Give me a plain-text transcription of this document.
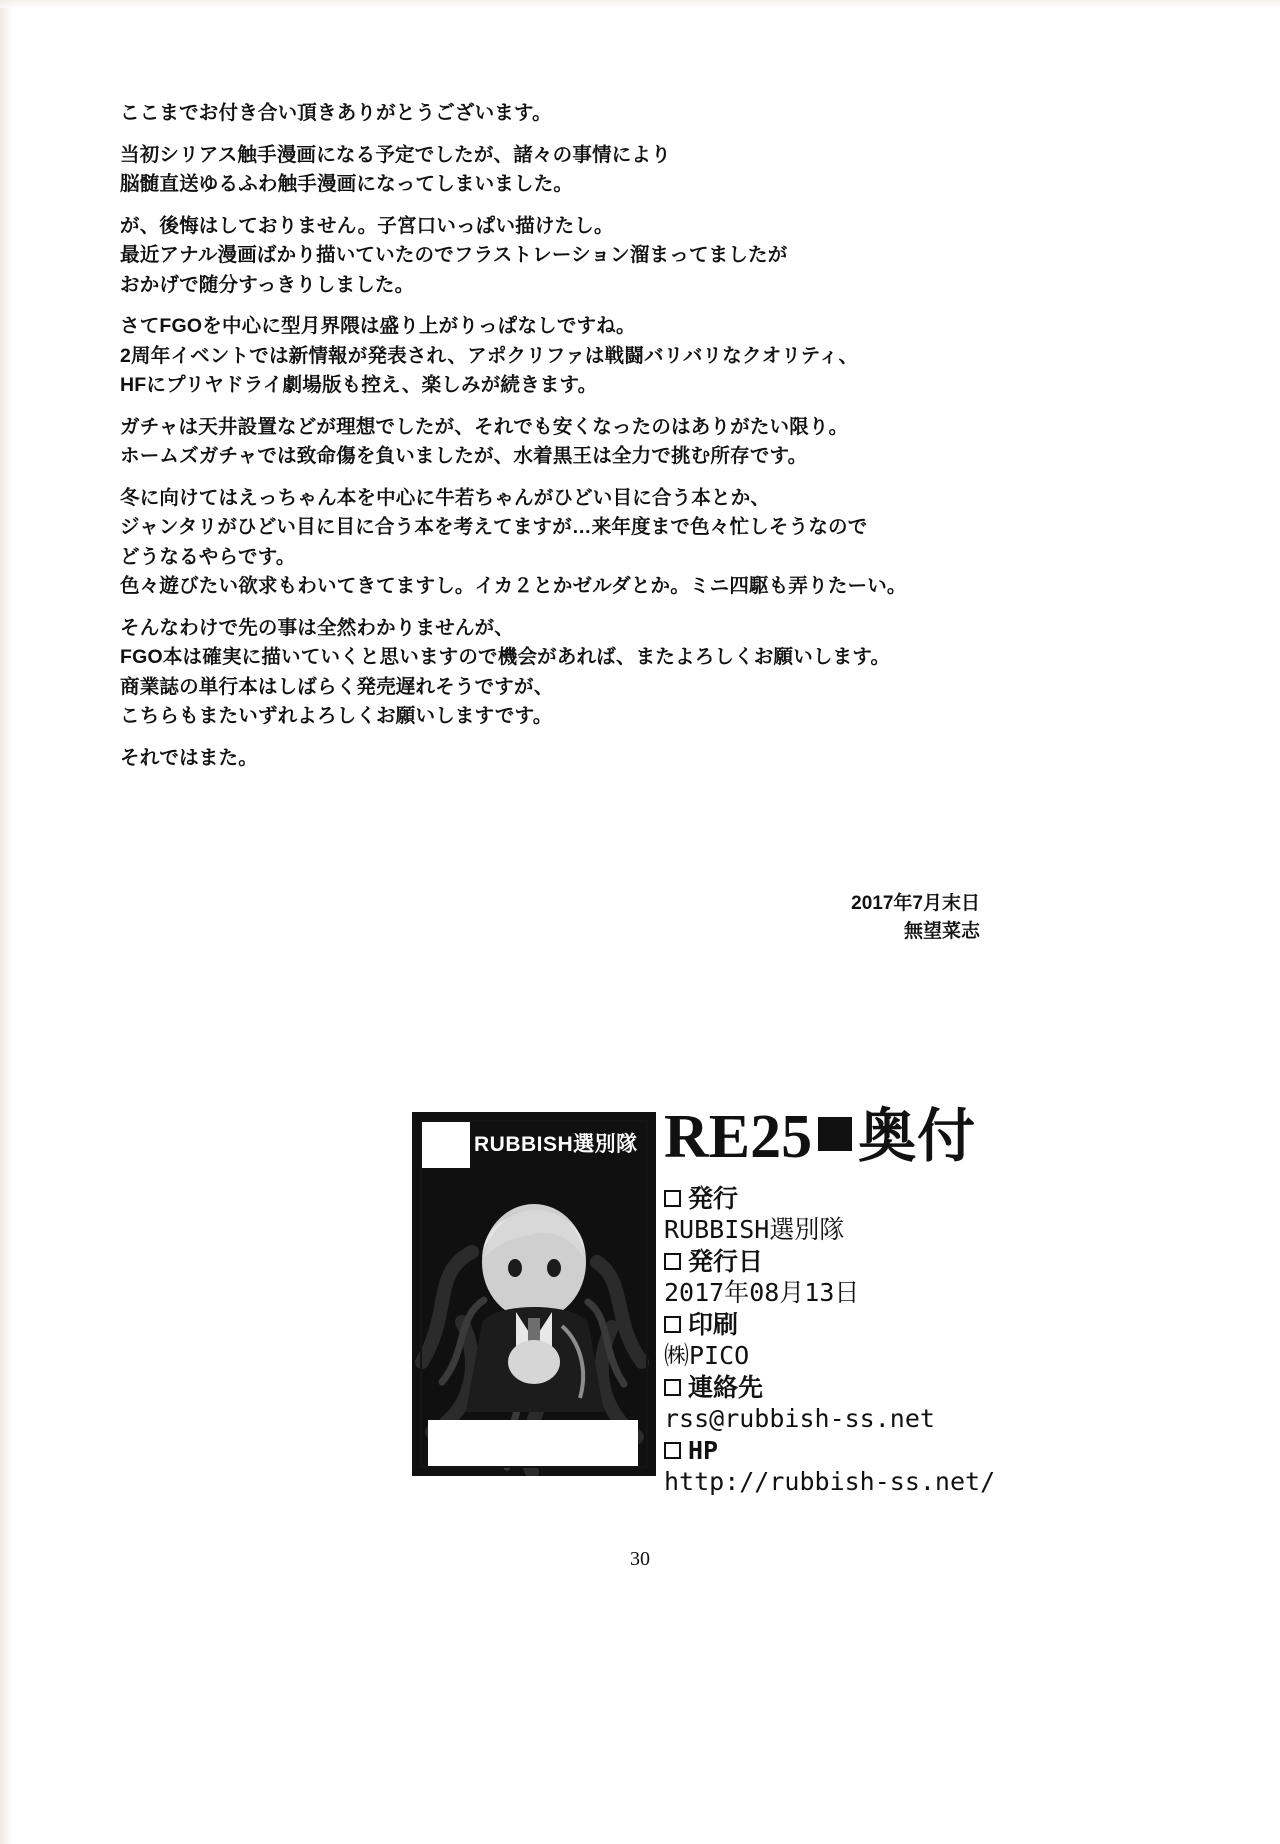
ここまでお付き合い頂きありがとうございます。
当初シリアス触手漫画になる予定でしたが、諸々の事情により
脳髄直送ゆるふわ触手漫画になってしまいました。
が、後悔はしておりません。子宮口いっぱい描けたし。
最近アナル漫画ばかり描いていたのでフラストレーション溜まってましたが
おかげで随分すっきりしました。
さてFGOを中心に型月界隈は盛り上がりっぱなしですね。
2周年イベントでは新情報が発表され、アポクリファは戦闘バリバリなクオリティ、
HFにプリヤドライ劇場版も控え、楽しみが続きます。
ガチャは天井設置などが理想でしたが、それでも安くなったのはありがたい限り。
ホームズガチャでは致命傷を負いましたが、水着黒王は全力で挑む所存です。
冬に向けてはえっちゃん本を中心に牛若ちゃんがひどい目に合う本とか、
ジャンタリがひどい目に目に合う本を考えてますが…来年度まで色々忙しそうなので
どうなるやらです。
色々遊びたい欲求もわいてきてますし。イカ２とかゼルダとか。ミニ四駆も弄りたーい。
そんなわけで先の事は全然わかりませんが、
FGO本は確実に描いていくと思いますので機会があれば、またよろしくお願いします。
商業誌の単行本はしばらく発売遅れそうですが、
こちらもまたいずれよろしくお願いしますです。
それではまた。
2017年7月末日
無望菜志
RUBBISH選別隊 RE25 奥付
発行
RUBBISH選別隊
発行日
2017年08月13日
印刷
㈱PICO
連絡先
rss@rubbish-ss.net
HP
http://rubbish-ss.net/
30
